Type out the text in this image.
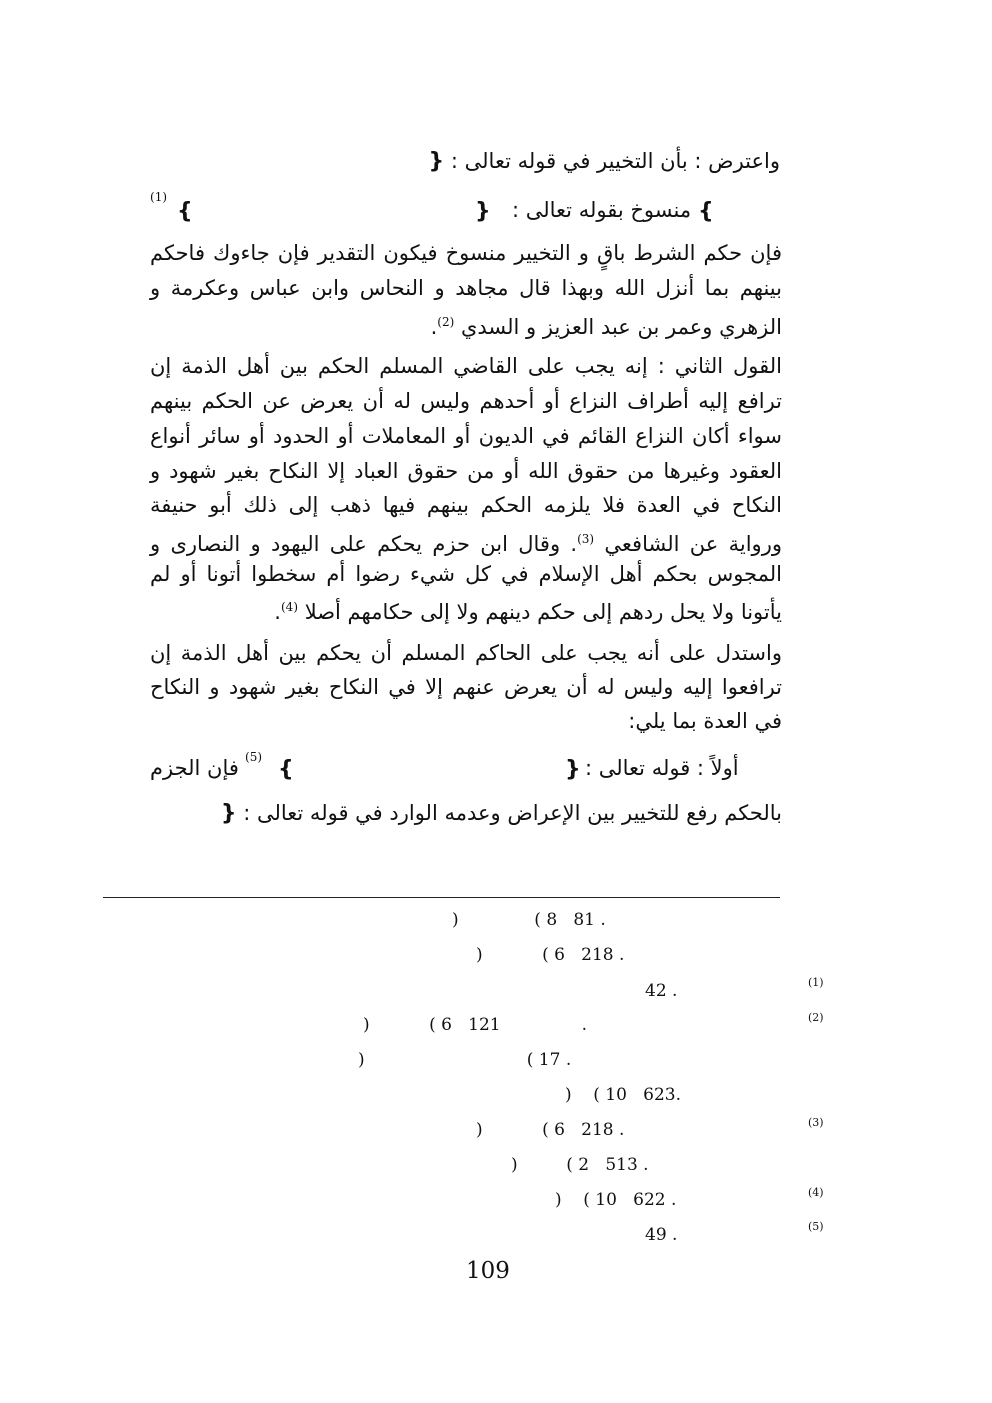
واعترض : بأن التخيير في قوله تعالى : {
}
منسوخ بقوله تعالى :
{
}
(1)
فإن حكم الشرط باقٍ و التخيير منسوخ فيكون التقدير فإن جاءوك فاحكم
بينهم بما أنزل الله وبهذا قال مجاهد و النحاس وابن عباس وعكرمة و
الزهري وعمر بن عبد العزيز و السدي $^{(2)}$.
القول الثاني : إنه يجب على القاضي المسلم الحكم بين أهل الذمة إن
ترافع إليه أطراف النزاع أو أحدهم وليس له أن يعرض عن الحكم بينهم
سواء أكان النزاع القائم في الديون أو المعاملات أو الحدود أو سائر أنواع
العقود وغيرها من حقوق الله أو من حقوق العباد إلا النكاح بغير شهود و
النكاح في العدة فلا يلزمه الحكم بينهم فيها ذهب إلى ذلك أبو حنيفة
ورواية عن الشافعي $^{(3)}$. وقال ابن حزم يحكم على اليهود و النصارى و
المجوس بحكم أهل الإسلام في كل شيء رضوا أم سخطوا أتونا أو لم
يأتونا ولا يحل ردهم إلى حكم دينهم ولا إلى حكامهم أصلا $^{(4)}$.
واستدل على أنه يجب على الحاكم المسلم أن يحكم بين أهل الذمة إن
ترافعوا إليه وليس له أن يعرض عنهم إلا في النكاح بغير شهود و النكاح
في العدة بما يلي:
أولاً : قوله تعالى :
{
}
(5)
فإن الجزم
بالحكم رفع للتخيير بين الإعراض وعدمه الوارد في قوله تعالى : {
)              ( 8   81 .
)           ( 6   218 .
(1)
42 .
(2)
)           ( 6   121               .
)                              ( 17 .
)    ( 10   623.
(3)
)           ( 6   218 .
)         ( 2   513 .
(4)
)    ( 10   622 .
(5)
49 .
109
